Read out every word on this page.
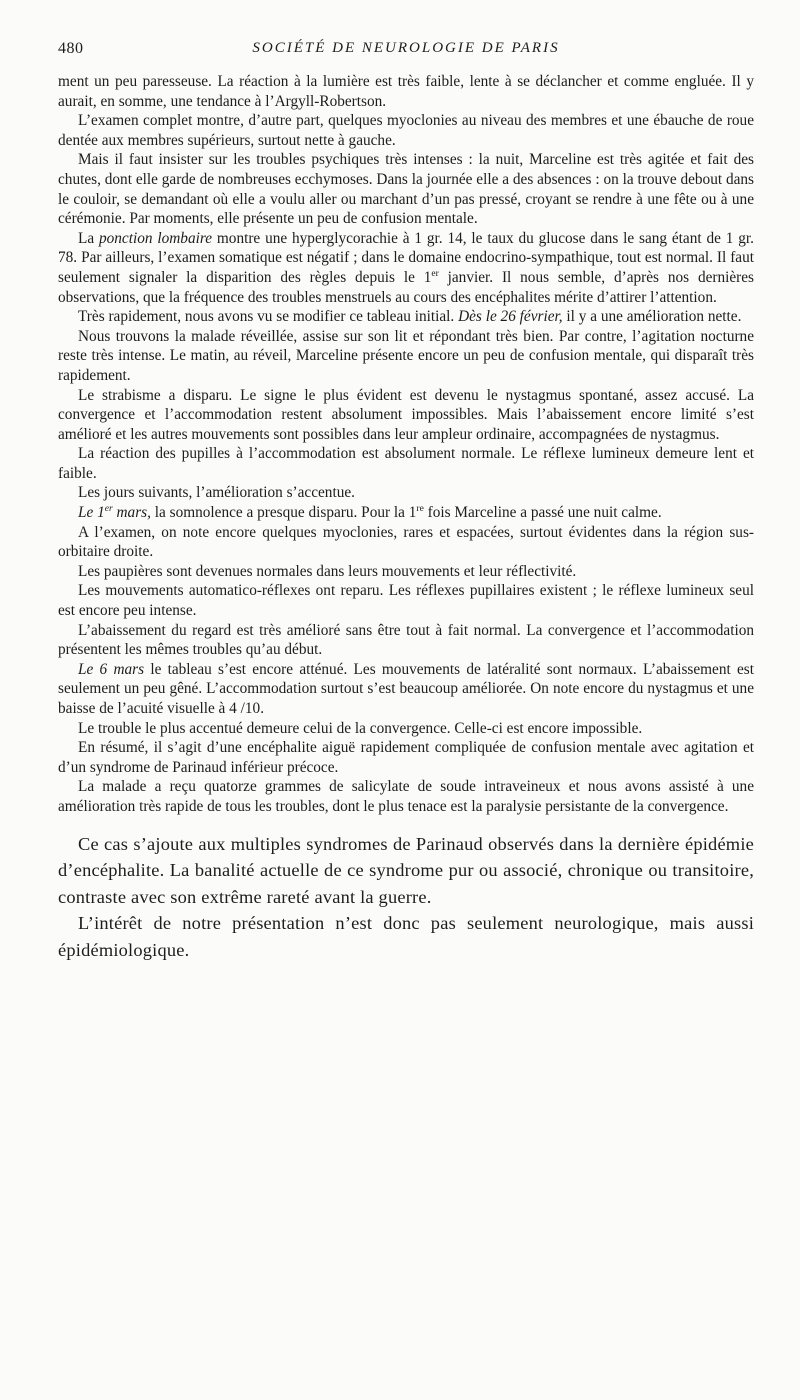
480	SOCIÉTÉ DE NEUROLOGIE DE PARIS

ment un peu paresseuse. La réaction à la lumière est très faible, lente à se déclancher et comme engluée. Il y aurait, en somme, une tendance à l’Argyll-Robertson.

L’examen complet montre, d’autre part, quelques myoclonies au niveau des membres et une ébauche de roue dentée aux membres supérieurs, surtout nette à gauche.

Mais il faut insister sur les troubles psychiques très intenses : la nuit, Marceline est très agitée et fait des chutes, dont elle garde de nombreuses ecchymoses. Dans la journée elle a des absences : on la trouve debout dans le couloir, se demandant où elle a voulu aller ou marchant d’un pas pressé, croyant se rendre à une fête ou à une cérémonie. Par moments, elle présente un peu de confusion mentale.

La ponction lombaire montre une hyperglycorachie à 1 gr. 14, le taux du glucose dans le sang étant de 1 gr. 78. Par ailleurs, l’examen somatique est négatif ; dans le domaine endocrino-sympathique, tout est normal. Il faut seulement signaler la disparition des règles depuis le 1er janvier. Il nous semble, d’après nos dernières observations, que la fréquence des troubles menstruels au cours des encéphalites mérite d’attirer l’attention.

Très rapidement, nous avons vu se modifier ce tableau initial. Dès le 26 février, il y a une amélioration nette.

Nous trouvons la malade réveillée, assise sur son lit et répondant très bien. Par contre, l’agitation nocturne reste très intense. Le matin, au réveil, Marceline présente encore un peu de confusion mentale, qui disparaît très rapidement.

Le strabisme a disparu. Le signe le plus évident est devenu le nystagmus spontané, assez accusé. La convergence et l’accommodation restent absolument impossibles. Mais l’abaissement encore limité s’est amélioré et les autres mouvements sont possibles dans leur ampleur ordinaire, accompagnées de nystagmus.

La réaction des pupilles à l’accommodation est absolument normale. Le réflexe lumineux demeure lent et faible.

Les jours suivants, l’amélioration s’accentue.

Le 1er mars, la somnolence a presque disparu. Pour la 1re fois Marceline a passé une nuit calme.

A l’examen, on note encore quelques myoclonies, rares et espacées, surtout évidentes dans la région sus-orbitaire droite.

Les paupières sont devenues normales dans leurs mouvements et leur réflectivité.

Les mouvements automatico-réflexes ont reparu. Les réflexes pupillaires existent ; le réflexe lumineux seul est encore peu intense.

L’abaissement du regard est très amélioré sans être tout à fait normal. La convergence et l’accommodation présentent les mêmes troubles qu’au début.

Le 6 mars le tableau s’est encore atténué. Les mouvements de latéralité sont normaux. L’abaissement est seulement un peu gêné. L’accommodation surtout s’est beaucoup améliorée. On note encore du nystagmus et une baisse de l’acuité visuelle à 4 /10.

Le trouble le plus accentué demeure celui de la convergence. Celle-ci est encore impossible.

En résumé, il s’agit d’une encéphalite aiguë rapidement compliquée de confusion mentale avec agitation et d’un syndrome de Parinaud inférieur précoce.

La malade a reçu quatorze grammes de salicylate de soude intraveineux et nous avons assisté à une amélioration très rapide de tous les troubles, dont le plus tenace est la paralysie persistante de la convergence.

Ce cas s’ajoute aux multiples syndromes de Parinaud observés dans la dernière épidémie d’encéphalite. La banalité actuelle de ce syndrome pur ou associé, chronique ou transitoire, contraste avec son extrême rareté avant la guerre.

L’intérêt de notre présentation n’est donc pas seulement neurologique, mais aussi épidémiologique.
